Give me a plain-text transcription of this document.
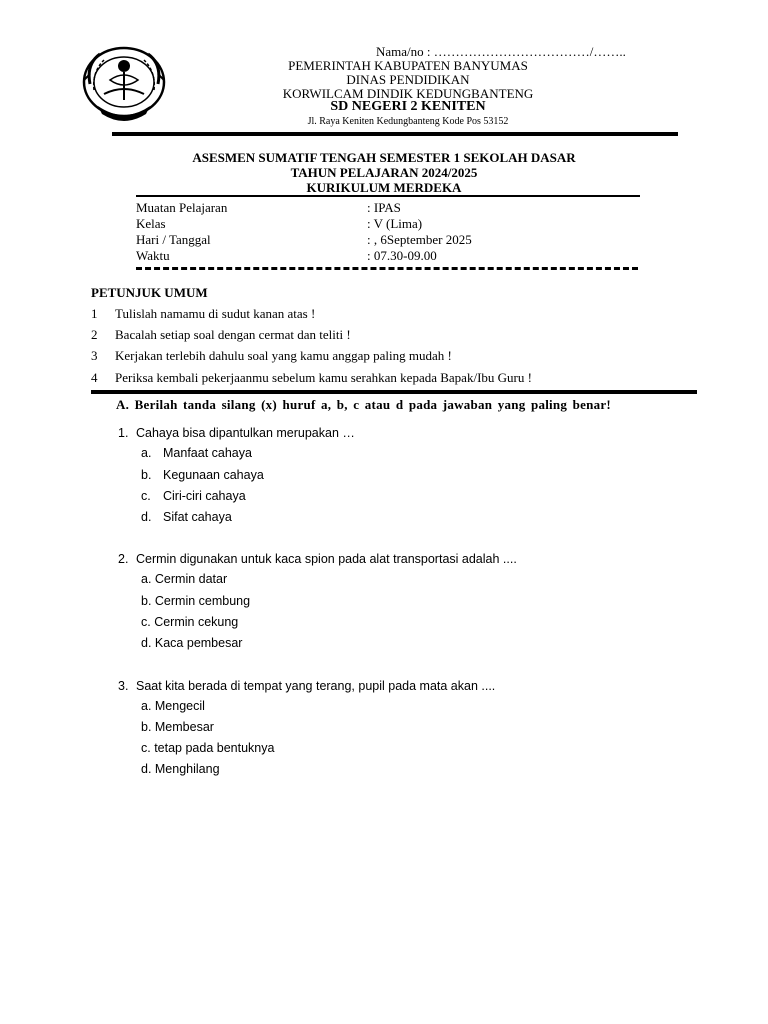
Nama/no : ………………………………/……..
PEMERINTAH KABUPATEN BANYUMAS
DINAS PENDIDIKAN
KORWILCAM DINDIK KEDUNGBANTENG
SD NEGERI 2 KENITEN
Jl. Raya Keniten Kedungbanteng Kode Pos 53152
ASESMEN SUMATIF TENGAH SEMESTER 1 SEKOLAH DASAR
TAHUN PELAJARAN 2024/2025
KURIKULUM MERDEKA
Muatan Pelajaran	: IPAS
Kelas	: V (Lima)
Hari / Tanggal	: , 6September 2025
Waktu	: 07.30-09.00
PETUNJUK UMUM
1 Tulislah namamu di sudut kanan atas !
2 Bacalah setiap soal dengan cermat dan teliti !
3 Kerjakan terlebih dahulu soal yang kamu anggap paling mudah !
4 Periksa kembali pekerjaanmu sebelum kamu serahkan kepada Bapak/Ibu Guru !
A. Berilah tanda silang (x) huruf a, b, c atau d pada jawaban yang paling benar!
1. Cahaya bisa dipantulkan merupakan …
a. Manfaat cahaya
b. Kegunaan cahaya
c. Ciri-ciri cahaya
d. Sifat cahaya
2. Cermin digunakan untuk kaca spion pada alat transportasi adalah ....
a. Cermin datar
b. Cermin cembung
c. Cermin cekung
d. Kaca pembesar
3. Saat kita berada di tempat yang terang, pupil pada mata akan ....
a. Mengecil
b. Membesar
c. tetap pada bentuknya
d. Menghilang
